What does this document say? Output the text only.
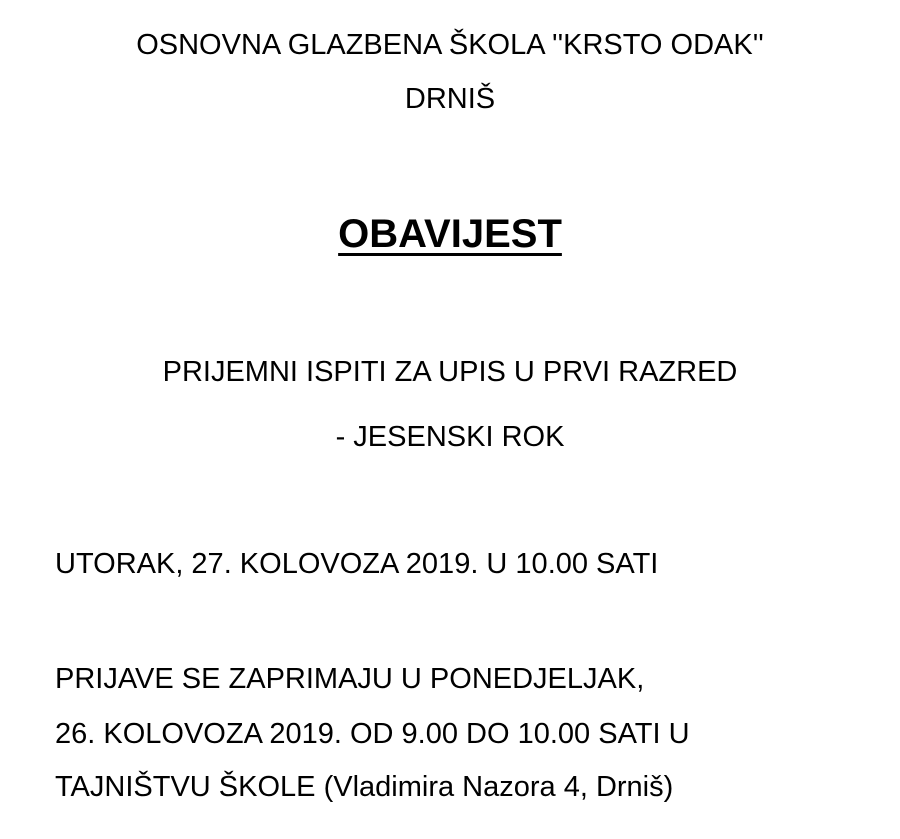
OSNOVNA GLAZBENA ŠKOLA ''KRSTO ODAK''
DRNIŠ
OBAVIJEST
PRIJEMNI ISPITI ZA UPIS U PRVI RAZRED
- JESENSKI ROK
UTORAK, 27. KOLOVOZA 2019. U 10.00 SATI
PRIJAVE SE ZAPRIMAJU U PONEDJELJAK,
26. KOLOVOZA 2019. OD 9.00 DO 10.00 SATI U
TAJNIŠTVU ŠKOLE (Vladimira Nazora 4, Drniš)
